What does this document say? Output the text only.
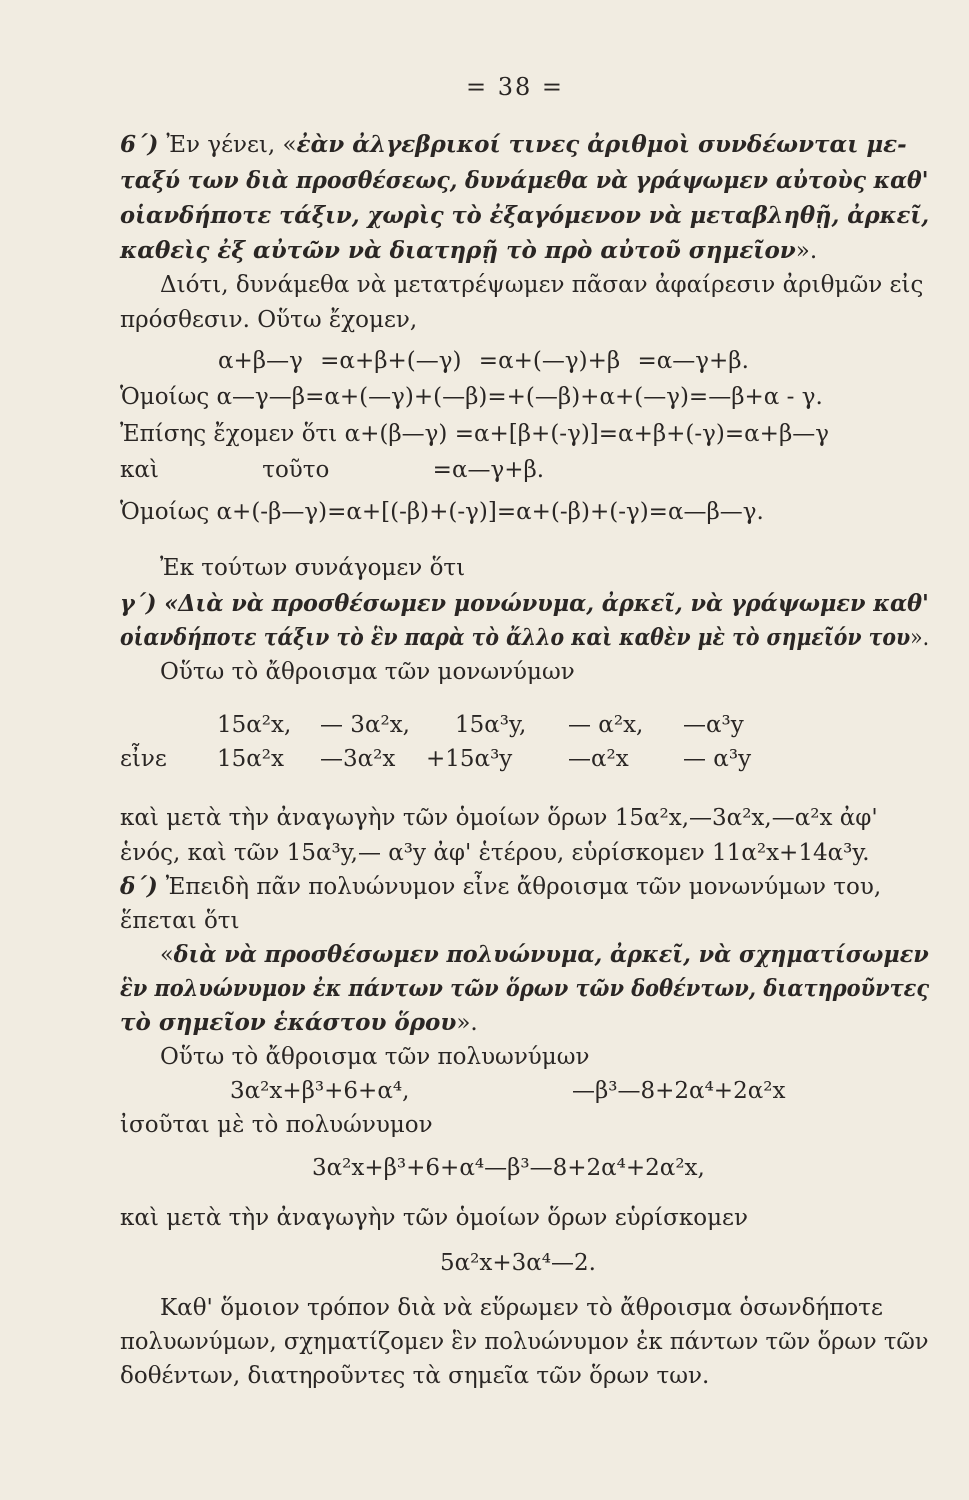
= 38 =
6΄) Ἐν γένει, «ἐὰν ἀλγεβρικοί τινες ἀριθμοὶ συνδέωνται με-
ταξύ των διὰ προσθέσεως, δυνάμεθα νὰ γράψωμεν αὐτοὺς καθ'
οἱανδήποτε τάξιν, χωρὶς τὸ ἐξαγόμενον νὰ μεταβληθῇ, ἀρκεῖ,
καθεὶς ἐξ αὐτῶν νὰ διατηρῇ τὸ πρὸ αὐτοῦ σημεῖον».
Διότι, δυνάμεθα νὰ μετατρέψωμεν πᾶσαν ἀφαίρεσιν ἀριθμῶν εἰς
πρόσθεσιν. Οὕτω ἔχομεν,
α+β—γ =α+β+(—γ) =α+(—γ)+β =α—γ+β.
Ὁμοίως α—γ—β=α+(—γ)+(—β)=+(—β)+α+(—γ)=—β+α - γ.
Ἐπίσης ἔχομεν ὅτι α+(β—γ) =α+[β+(-γ)]=α+β+(-γ)=α+β—γ
καὶ τοῦτο =α—γ+β.
Ὁμοίως α+(-β—γ)=α+[(-β)+(-γ)]=α+(-β)+(-γ)=α—β—γ.
Ἐκ τούτων συνάγομεν ὅτι
γ΄) «Διὰ νὰ προσθέσωμεν μονώνυμα, ἀρκεῖ, νὰ γράψωμεν καθ'
οἱανδήποτε τάξιν τὸ ἓν παρὰ τὸ ἄλλο καὶ καθὲν μὲ τὸ σημεῖόν του».
Οὕτω τὸ ἄθροισμα τῶν μονωνύμων
15α²x, — 3α²x, 15α³y, — α²x, —α³y
εἶνε 15α²x —3α²x +15α³y —α²x — α³y
καὶ μετὰ τὴν ἀναγωγὴν τῶν ὁμοίων ὅρων 15α²x,—3α²x,—α²x ἀφ'
ἑνός, καὶ τῶν 15α³y,— α³y ἀφ' ἑτέρου, εὑρίσκομεν 11α²x+14α³y.
δ΄) Ἐπειδὴ πᾶν πολυώνυμον εἶνε ἄθροισμα τῶν μονωνύμων του,
ἕπεται ὅτι
«διὰ νὰ προσθέσωμεν πολυώνυμα, ἀρκεῖ, νὰ σχηματίσωμεν
ἓν πολυώνυμον ἐκ πάντων τῶν ὅρων τῶν δοθέντων, διατηροῦντες
τὸ σημεῖον ἑκάστου ὅρου».
Οὕτω τὸ ἄθροισμα τῶν πολυωνύμων
3α²x+β³+6+α⁴,	—β³—8+2α⁴+2α²x
ἰσοῦται μὲ τὸ πολυώνυμον
3α²x+β³+6+α⁴—β³—8+2α⁴+2α²x,
καὶ μετὰ τὴν ἀναγωγὴν τῶν ὁμοίων ὅρων εὑρίσκομεν
5α²x+3α⁴—2.
Καθ' ὅμοιον τρόπον διὰ νὰ εὕρωμεν τὸ ἄθροισμα ὁσωνδήποτε
πολυωνύμων, σχηματίζομεν ἓν πολυώνυμον ἐκ πάντων τῶν ὅρων τῶν
δοθέντων, διατηροῦντες τὰ σημεῖα τῶν ὅρων των.
